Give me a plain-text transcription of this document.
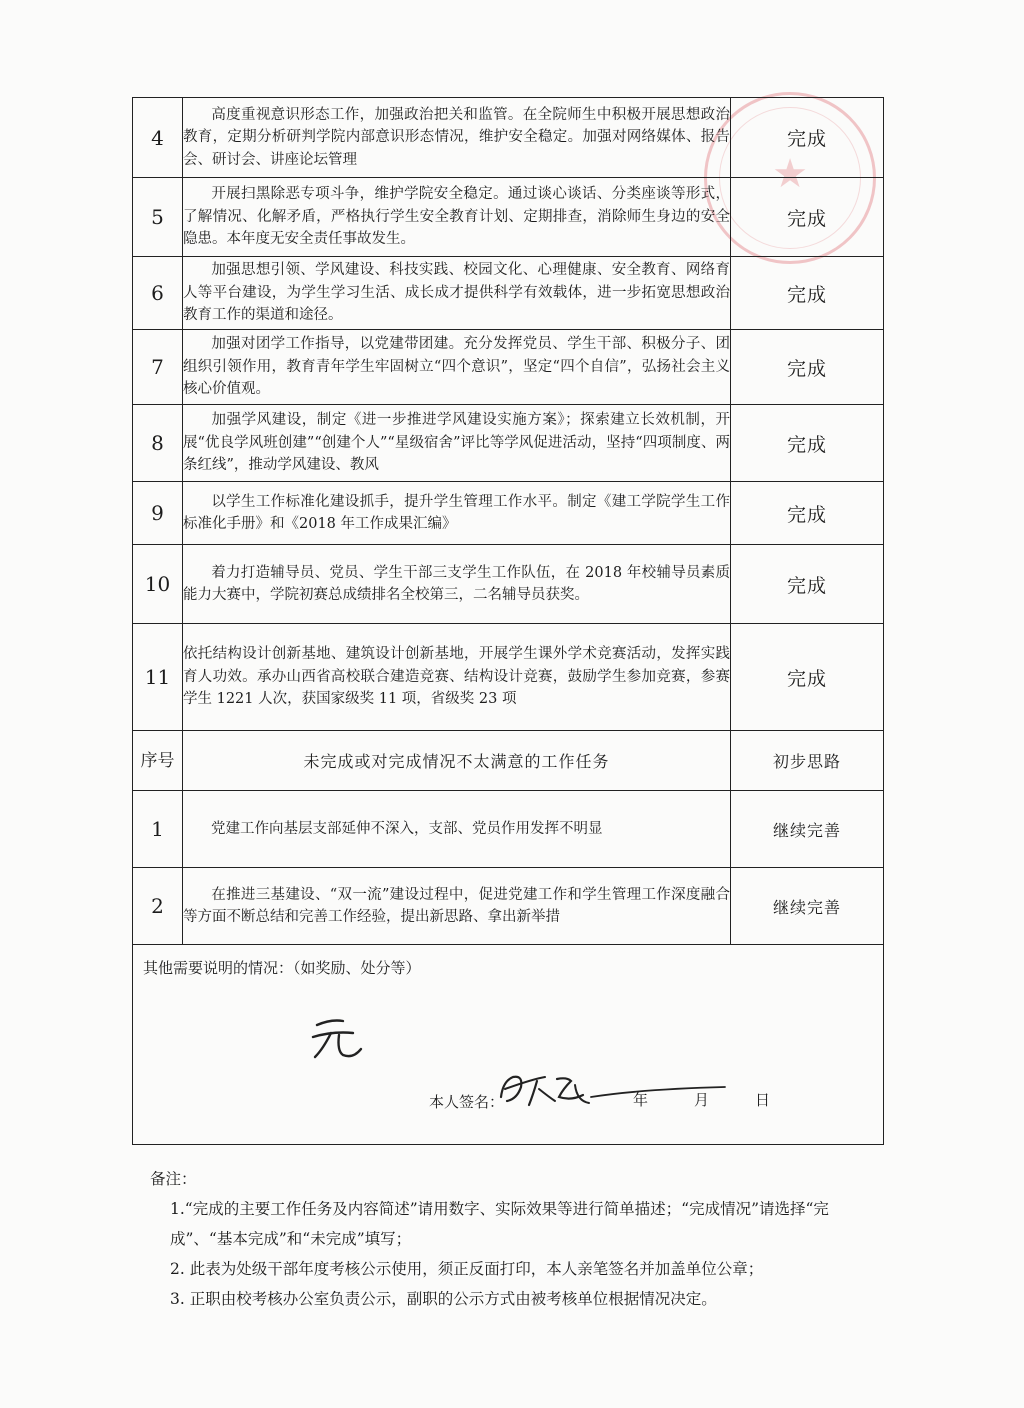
★
4	高度重视意识形态工作，加强政治把关和监管。在全院师生中积极开展思想政治教育，定期分析研判学院内部意识形态情况，维护安全稳定。加强对网络媒体、报告会、研讨会、讲座论坛管理	完成
5	开展扫黑除恶专项斗争，维护学院安全稳定。通过谈心谈话、分类座谈等形式，了解情况、化解矛盾，严格执行学生安全教育计划、定期排查，消除师生身边的安全隐患。本年度无安全责任事故发生。	完成
6	加强思想引领、学风建设、科技实践、校园文化、心理健康、安全教育、网络育人等平台建设，为学生学习生活、成长成才提供科学有效载体，进一步拓宽思想政治教育工作的渠道和途径。	完成
7	加强对团学工作指导，以党建带团建。充分发挥党员、学生干部、积极分子、团组织引领作用，教育青年学生牢固树立“四个意识”，坚定“四个自信”，弘扬社会主义核心价值观。	完成
8	加强学风建设，制定《进一步推进学风建设实施方案》；探索建立长效机制，开展“优良学风班创建”“创建个人”“星级宿舍”评比等学风促进活动，坚持“四项制度、两条红线”，推动学风建设、教风	完成
9	以学生工作标准化建设抓手，提升学生管理工作水平。制定《建工学院学生工作标准化手册》和《2018 年工作成果汇编》	完成
10	着力打造辅导员、党员、学生干部三支学生工作队伍，在 2018 年校辅导员素质能力大赛中，学院初赛总成绩排名全校第三，二名辅导员获奖。	完成
11	依托结构设计创新基地、建筑设计创新基地，开展学生课外学术竞赛活动，发挥实践育人功效。承办山西省高校联合建造竞赛、结构设计竞赛，鼓励学生参加竞赛，参赛学生 1221 人次，获国家级奖 11 项，省级奖 23 项	完成
序号	未完成或对完成情况不太满意的工作任务	初步思路
1	党建工作向基层支部延伸不深入，支部、党员作用发挥不明显	继续完善
2	在推进三基建设、“双一流”建设过程中，促进党建工作和学生管理工作深度融合等方面不断总结和完善工作经验，提出新思路、拿出新举措	继续完善

其他需要说明的情况：（如奖励、处分等）
本人签名： 年 月 日		
备注：
1.“完成的主要工作任务及内容简述”请用数字、实际效果等进行简单描述；“完成情况”请选择“完成”、“基本完成”和“未完成”填写；
2. 此表为处级干部年度考核公示使用，须正反面打印，本人亲笔签名并加盖单位公章；
3. 正职由校考核办公室负责公示，副职的公示方式由被考核单位根据情况决定。
